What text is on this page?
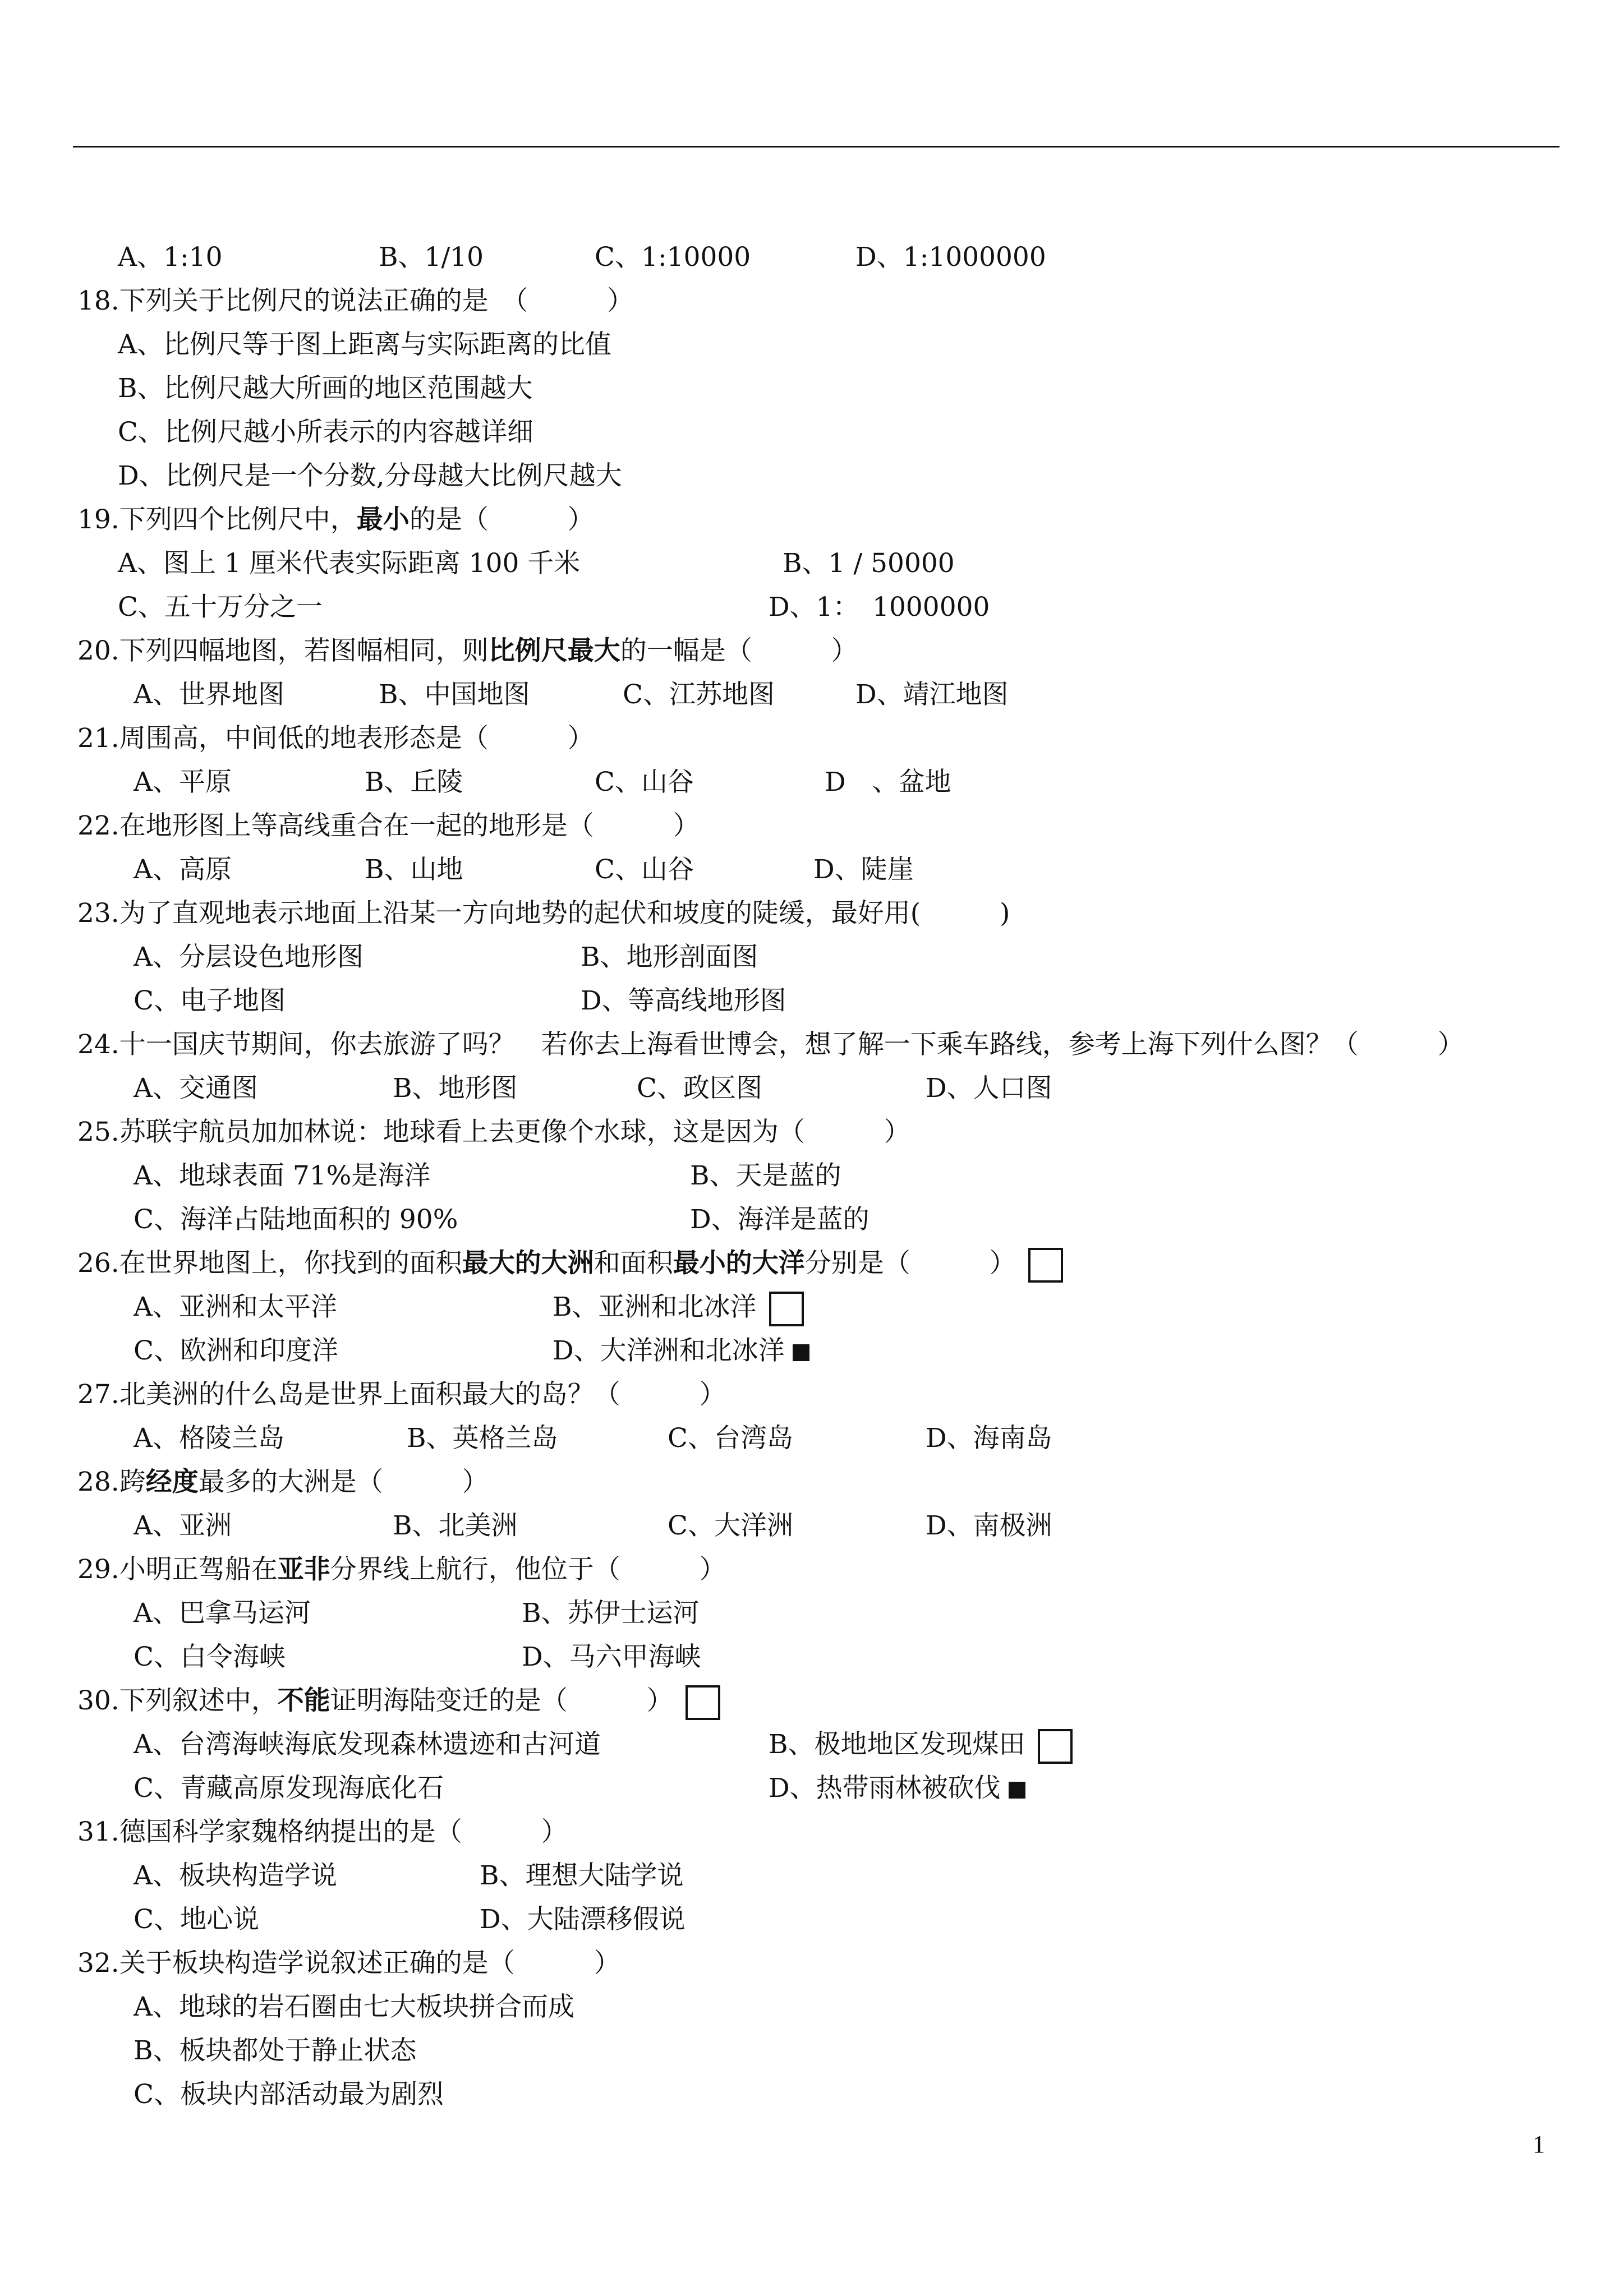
A、1:10	B、1/10	C、1:10000	D、1:1000000
18.下列关于比例尺的说法正确的是　（　　　）
A、比例尺等于图上距离与实际距离的比值
B、比例尺越大所画的地区范围越大
C、比例尺越小所表示的内容越详细
D、比例尺是一个分数,分母越大比例尺越大
19.下列四个比例尺中，最小的是（　　　）
A、图上 1 厘米代表实际距离 100 千米	B、1 / 50000
C、五十万分之一	D、1：　1000000
20.下列四幅地图，若图幅相同，则比例尺最大的一幅是（　　　）
A、世界地图	B、中国地图	C、江苏地图	D、靖江地图
21.周围高，中间低的地表形态是（　　　）
A、平原	B、丘陵	C、山谷	D　、盆地
22.在地形图上等高线重合在一起的地形是（　　　）
A、高原	B、山地	C、山谷	D、陡崖
23.为了直观地表示地面上沿某一方向地势的起伏和坡度的陡缓，最好用(　　　)
A、分层设色地形图	B、地形剖面图
C、电子地图	D、等高线地形图
24.十一国庆节期间，你去旅游了吗？　若你去上海看世博会，想了解一下乘车路线，参考上海下列什么图？（　　　）
A、交通图	B、地形图	C、政区图	D、人口图
25.苏联宇航员加加林说：地球看上去更像个水球，这是因为（　　　）
A、地球表面 71%是海洋	B、天是蓝的
C、海洋占陆地面积的 90%	D、海洋是蓝的
26.在世界地图上，你找到的面积最大的大洲和面积最小的大洋分别是（　　　）
A、亚洲和太平洋	B、亚洲和北冰洋
C、欧洲和印度洋	D、大洋洲和北冰洋
27.北美洲的什么岛是世界上面积最大的岛？（　　　）
A、格陵兰岛	B、英格兰岛	C、台湾岛	D、海南岛
28.跨经度最多的大洲是（　　　）
A、亚洲	B、北美洲	C、大洋洲	D、南极洲
29.小明正驾船在亚非分界线上航行，他位于（　　　）
A、巴拿马运河	B、苏伊士运河
C、白令海峡	D、马六甲海峡
30.下列叙述中，不能证明海陆变迁的是（　　　）
A、台湾海峡海底发现森林遗迹和古河道	B、极地地区发现煤田
C、青藏高原发现海底化石	D、热带雨林被砍伐
31.德国科学家魏格纳提出的是（　　　）
A、板块构造学说	B、理想大陆学说
C、地心说	D、大陆漂移假说
32.关于板块构造学说叙述正确的是（　　　）
A、地球的岩石圈由七大板块拼合而成
B、板块都处于静止状态
C、板块内部活动最为剧烈
1
